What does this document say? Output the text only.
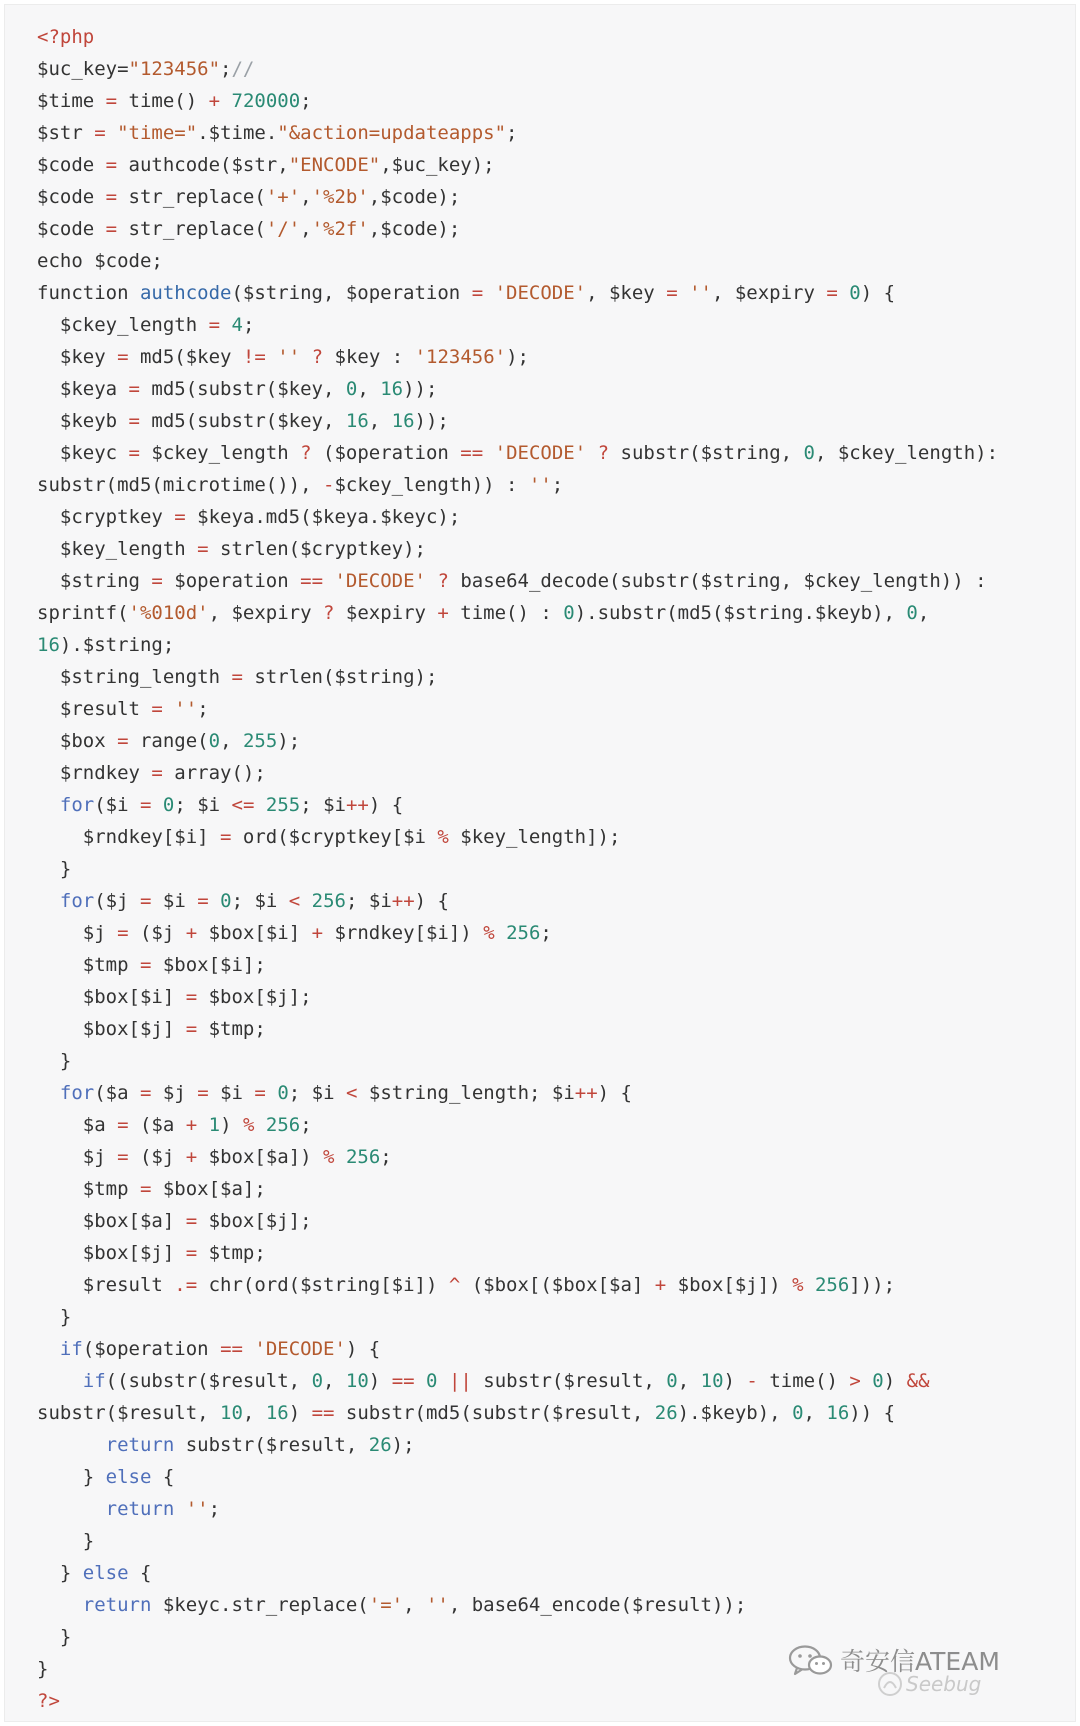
<?php
$uc_key="123456";//
$time = time() + 720000;
$str = "time=".$time."&action=updateapps";
$code = authcode($str,"ENCODE",$uc_key);
$code = str_replace('+','%2b',$code);
$code = str_replace('/','%2f',$code);
echo $code;
function authcode($string, $operation = 'DECODE', $key = '', $expiry = 0) {
$ckey_length = 4;
$key = md5($key != '' ? $key : '123456');
$keya = md5(substr($key, 0, 16));
$keyb = md5(substr($key, 16, 16));
$keyc = $ckey_length ? ($operation == 'DECODE' ? substr($string, 0, $ckey_length):
substr(md5(microtime()), -$ckey_length)) : '';
$cryptkey = $keya.md5($keya.$keyc);
$key_length = strlen($cryptkey);
$string = $operation == 'DECODE' ? base64_decode(substr($string, $ckey_length)) :
sprintf('%010d', $expiry ? $expiry + time() : 0).substr(md5($string.$keyb), 0,
16).$string;
$string_length = strlen($string);
$result = '';
$box = range(0, 255);
$rndkey = array();
for($i = 0; $i <= 255; $i++) {
$rndkey[$i] = ord($cryptkey[$i % $key_length]);
}
for($j = $i = 0; $i < 256; $i++) {
$j = ($j + $box[$i] + $rndkey[$i]) % 256;
$tmp = $box[$i];
$box[$i] = $box[$j];
$box[$j] = $tmp;
}
for($a = $j = $i = 0; $i < $string_length; $i++) {
$a = ($a + 1) % 256;
$j = ($j + $box[$a]) % 256;
$tmp = $box[$a];
$box[$a] = $box[$j];
$box[$j] = $tmp;
$result .= chr(ord($string[$i]) ^ ($box[($box[$a] + $box[$j]) % 256]));
}
if($operation == 'DECODE') {
if((substr($result, 0, 10) == 0 || substr($result, 0, 10) - time() > 0) &&
substr($result, 10, 16) == substr(md5(substr($result, 26).$keyb), 0, 16)) {
return substr($result, 26);
} else {
return '';
}
} else {
return $keyc.str_replace('=', '', base64_encode($result));
}
}
?>
奇安信ATEAM
Seebug
